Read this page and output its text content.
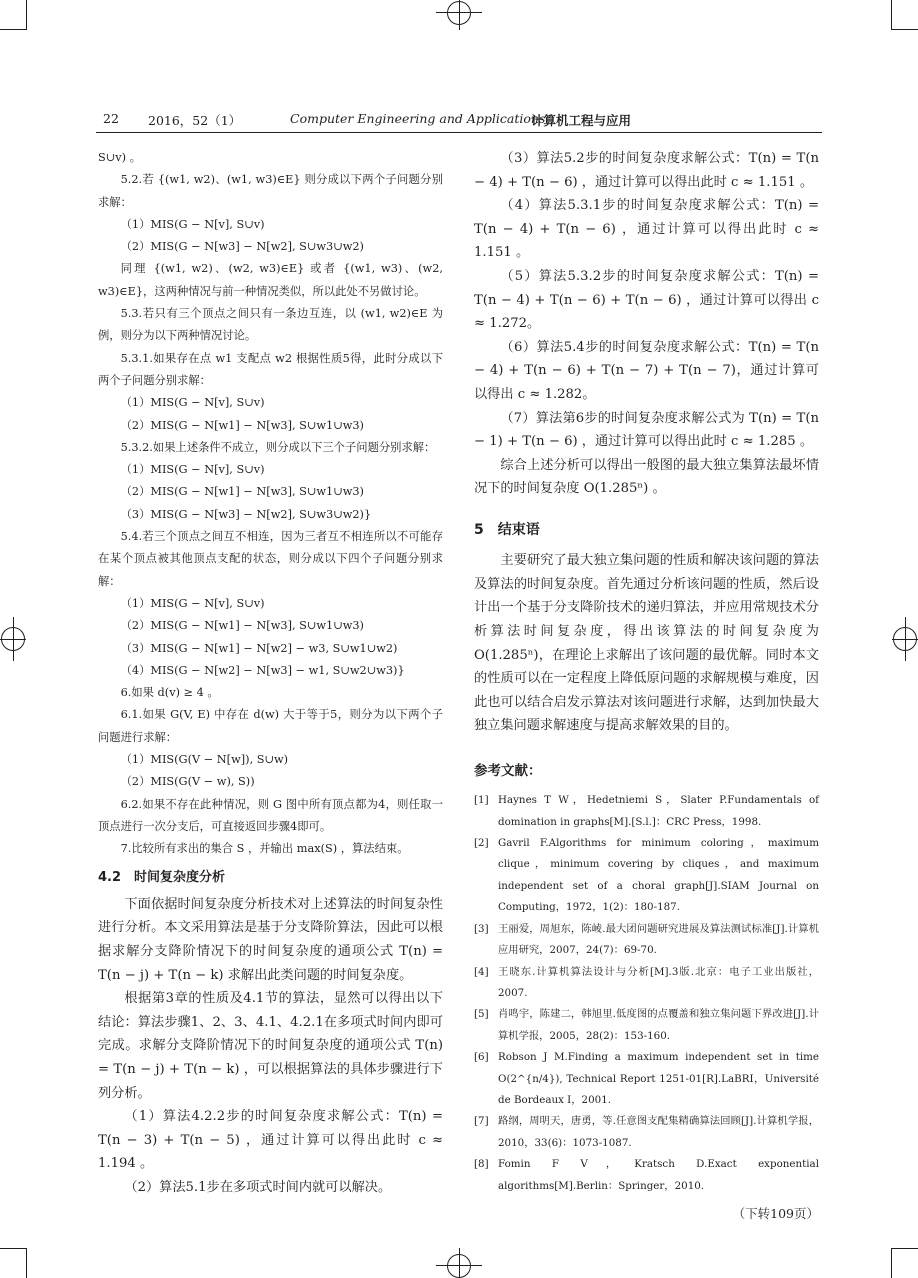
22 2016，52（1）	Computer Engineering and Applications
计算机工程与应用

S∪v) 。

5.2.若 {(w1, w2)、(w1, w3)∈E} 则分成以下两个子问题分别求解：

（1）MIS(G − N[v], S∪v)

（2）MIS(G − N[w3] − N[w2], S∪w3∪w2)

同理 {(w1, w2)、(w2, w3)∈E} 或者 {(w1, w3)、(w2, w3)∈E}，这两种情况与前一种情况类似，所以此处不另做讨论。

5.3.若只有三个顶点之间只有一条边互连，以 (w1, w2)∈E 为例，则分为以下两种情况讨论。

5.3.1.如果存在点 w1 支配点 w2 根据性质5得，此时分成以下两个子问题分别求解：

（1）MIS(G − N[v], S∪v)

（2）MIS(G − N[w1] − N[w3], S∪w1∪w3)

5.3.2.如果上述条件不成立，则分成以下三个子问题分别求解：

（1）MIS(G − N[v], S∪v)

（2）MIS(G − N[w1] − N[w3], S∪w1∪w3)

（3）MIS(G − N[w3] − N[w2], S∪w3∪w2)}

5.4.若三个顶点之间互不相连，因为三者互不相连所以不可能存在某个顶点被其他顶点支配的状态，则分成以下四个子问题分别求解：

（1）MIS(G − N[v], S∪v)

（2）MIS(G − N[w1] − N[w3], S∪w1∪w3)

（3）MIS(G − N[w1] − N[w2] − w3, S∪w1∪w2)

（4）MIS(G − N[w2] − N[w3] − w1, S∪w2∪w3)}

6.如果 d(v) ≥ 4 。

6.1.如果 G(V, E) 中存在 d(w) 大于等于5，则分为以下两个子问题进行求解：

（1）MIS(G(V − N[w]), S∪w)

（2）MIS(G(V − w), S))

6.2.如果不存在此种情况，则 G 图中所有顶点都为4，则任取一顶点进行一次分支后，可直接返回步骤4即可。

7.比较所有求出的集合 S ，并输出 max(S) ，算法结束。

4.2　时间复杂度分析

下面依据时间复杂度分析技术对上述算法的时间复杂性进行分析。本文采用算法是基于分支降阶算法，因此可以根据求解分支降阶情况下的时间复杂度的通项公式 T(n) = T(n − j) + T(n − k) 求解出此类问题的时间复杂度。

根据第3章的性质及4.1节的算法，显然可以得出以下结论：算法步骤1、2、3、4.1、4.2.1在多项式时间内即可完成。求解分支降阶情况下的时间复杂度的通项公式 T(n) = T(n − j) + T(n − k) ，可以根据算法的具体步骤进行下列分析。

（1）算法4.2.2步的时间复杂度求解公式：T(n) = T(n − 3) + T(n − 5) ，通过计算可以得出此时 c ≈ 1.194 。

（2）算法5.1步在多项式时间内就可以解决。

（3）算法5.2步的时间复杂度求解公式：T(n) = T(n − 4) + T(n − 6) ，通过计算可以得出此时 c ≈ 1.151 。

（4）算法5.3.1步的时间复杂度求解公式：T(n) = T(n − 4) + T(n − 6) ，通过计算可以得出此时 c ≈ 1.151 。

（5）算法5.3.2步的时间复杂度求解公式：T(n) = T(n − 4) + T(n − 6) + T(n − 6) ，通过计算可以得出 c ≈ 1.272。

（6）算法5.4步的时间复杂度求解公式：T(n) = T(n − 4) + T(n − 6) + T(n − 7) + T(n − 7)，通过计算可以得出 c ≈ 1.282。

（7）算法第6步的时间复杂度求解公式为 T(n) = T(n − 1) + T(n − 6) ，通过计算可以得出此时 c ≈ 1.285 。

综合上述分析可以得出一般图的最大独立集算法最坏情况下的时间复杂度 O(1.285ⁿ) 。

5　结束语

主要研究了最大独立集问题的性质和解决该问题的算法及算法的时间复杂度。首先通过分析该问题的性质，然后设计出一个基于分支降阶技术的递归算法，并应用常规技术分析算法时间复杂度，得出该算法的时间复杂度为 O(1.285ⁿ)，在理论上求解出了该问题的最优解。同时本文的性质可以在一定程度上降低原问题的求解规模与难度，因此也可以结合启发示算法对该问题进行求解，达到加快最大独立集问题求解速度与提高求解效果的目的。

参考文献：
[1] Haynes T W，Hedetniemi S，Slater P.Fundamentals of domination in graphs[M].[S.l.]：CRC Press，1998.
[2] Gavril F.Algorithms for minimum coloring，maximum clique，minimum covering by cliques，and maximum independent set of a choral graph[J].SIAM Journal on Computing，1972，1(2)：180-187.
[3] 王丽爱，周旭东，陈崚.最大团问题研究进展及算法测试标准[J].计算机应用研究，2007，24(7)：69-70.
[4] 王晓东.计算机算法设计与分析[M].3版.北京：电子工业出版社，2007.
[5] 肖鸣宇，陈建二，韩旭里.低度图的点覆盖和独立集问题下界改进[J].计算机学报，2005，28(2)：153-160.
[6] Robson J M.Finding a maximum independent set in time O(2^{n/4}), Technical Report 1251-01[R].LaBRI，Université de Bordeaux I，2001.
[7] 路纲，周明天，唐勇，等.任意图支配集精确算法回顾[J].计算机学报，2010，33(6)：1073-1087.
[8] Fomin F V，Kratsch D.Exact exponential algorithms[M].Berlin：Springer，2010.
（下转109页）
